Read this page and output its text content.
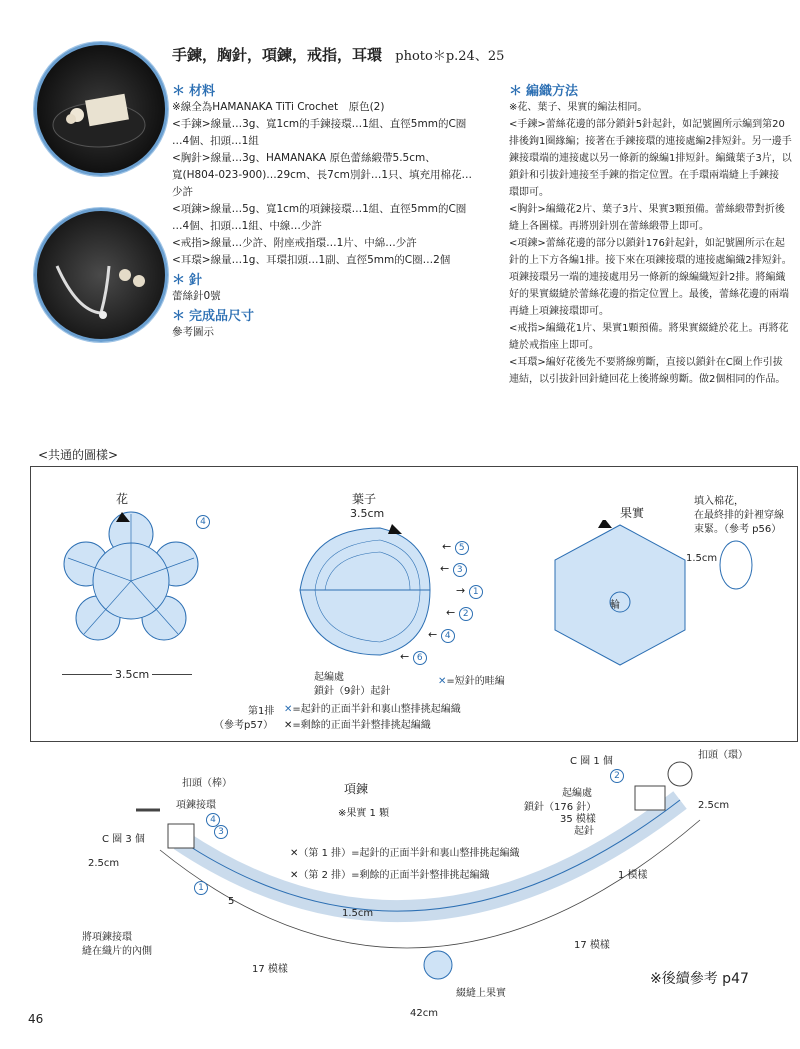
手鍊，胸針，項鍊，戒指，耳環 photo＊p.24、25
＊ 材料
※線全為HAMANAKA TiTi Crochet　原色(2)
<手鍊>線量…3g、寬1cm的手鍊接環…1組、直徑5mm的C圈
…4個、扣頭…1組
<胸針>線量…3g、HAMANAKA 原色蕾絲緞帶5.5cm、
寬(H804-023-900)…29cm、長7cm別針…1只、填充用棉花…
少許
<項鍊>線量…5g、寬1cm的項鍊接環…1組、直徑5mm的C圈
…4個、扣頭…1組、中線…少許
<戒指>線量…少許、附座戒指環…1片、中綿…少許
<耳環>線量…1g、耳環扣頭…1副、直徑5mm的C圈…2個
＊ 針
蕾絲針0號
＊ 完成品尺寸
參考圖示
＊ 編織方法
※花、葉子、果實的編法相同。
<手鍊>蕾絲花邊的部分鎖針5針起針，如記號圖所示編到第20
排後鉤1圈緣編；接著在手鍊接環的連接處編2排短針。另一邊手
鍊接環端的連接處以另一條新的線編1排短針。編織葉子3片，以
鎖針和引拔針連接至手鍊的指定位置。在手環兩端縫上手鍊接
環即可。
<胸針>編織花2片、葉子3片、果實3顆預備。蕾絲緞帶對折後
縫上各圖樣。再將別針別在蕾絲緞帶上即可。
<項鍊>蕾絲花邊的部分以鎖針176針起針，如記號圖所示在起
針的上下方各編1排。接下來在項鍊接環的連接處編織2排短針。
項鍊接環另一端的連接處用另一條新的線編織短針2排。將編織
好的果實綴縫於蕾絲花邊的指定位置上。最後，蕾絲花邊的兩端
再縫上項鍊接環即可。
<戒指>編織花1片、果實1顆預備。將果實綴縫於花上。再將花
縫於戒指座上即可。
<耳環>編好花後先不要將線剪斷，直接以鎖針在C圈上作引拔
連結，以引拔針回針縫回花上後將線剪斷。做2個相同的作品。
<共通的圖樣>
花
4
3.5cm
葉子
3.5cm
← 5
← 3
→ 1
← 2
← 4
← 6
起編處
鎖針（9針）起針
✕=短針的畦編
第1排
（參考p57）
✕=起針的正面半針和裏山整排挑起編織
✕=剩餘的正面半針整排挑起編織
果實
輪
1.5cm
填入棉花，
在最終排的針裡穿線
束緊。（參考 p56）
項鍊
※果實 1 顆
✕（第 1 排）=起針的正面半針和裏山整排挑起編織
✕（第 2 排）=剩餘的正面半針整排挑起編織
扣頭（棒）
扣頭（環）
項鍊接環
C 圈 3 個
C 圈 1 個
起編處
鎖針（176 針）
35 模樣
起針
2.5cm
2.5cm
1 模樣
1.5cm
17 模樣
17 模樣
將項鍊接環
縫在織片的內側
綴縫上果實
42cm
※後續參考 p47
4
3
1
2
5
46
